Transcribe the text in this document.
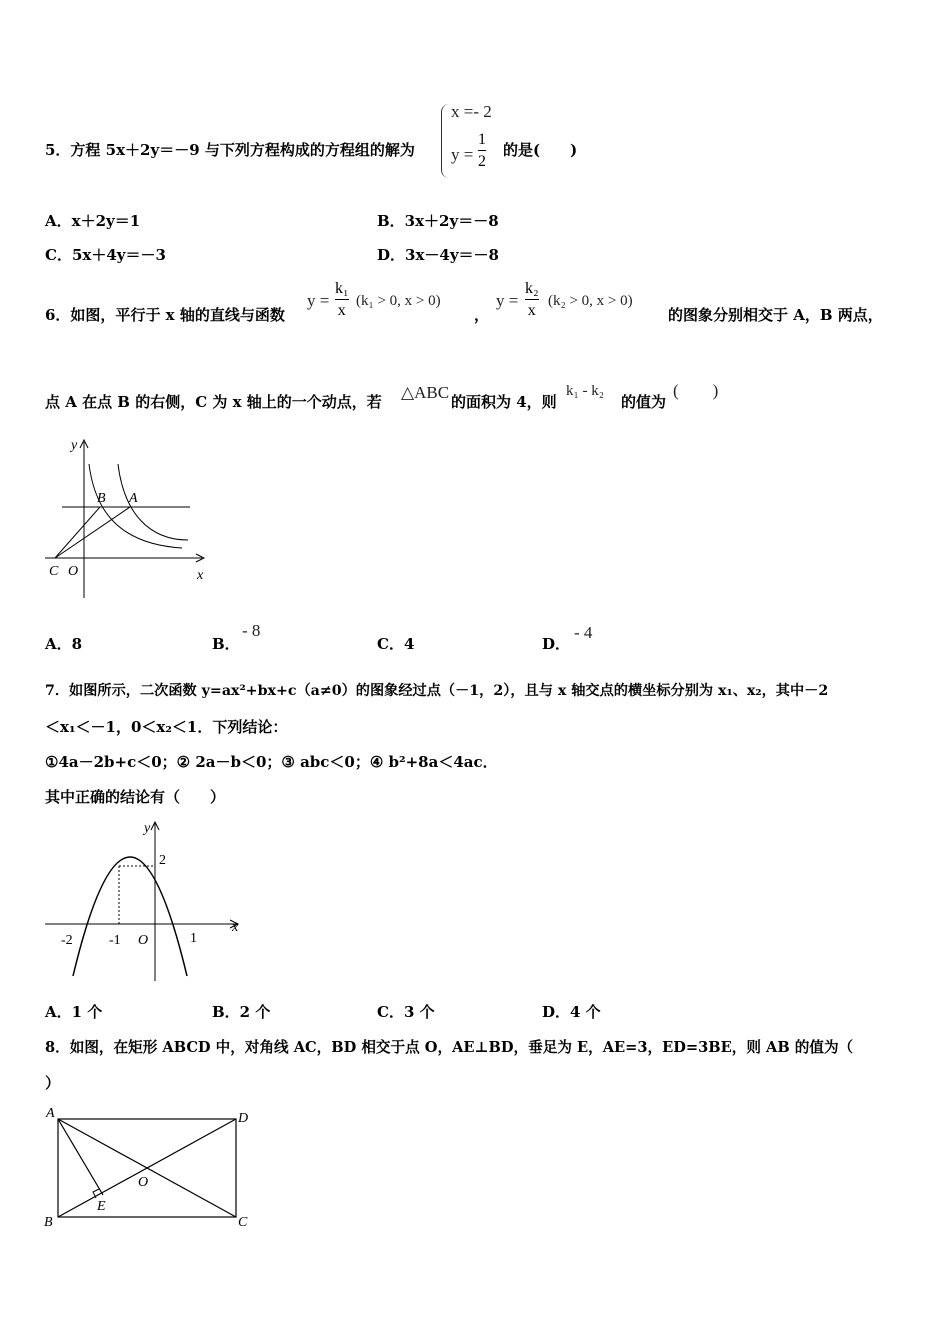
5．方程 5x＋2y＝－9 与下列方程构成的方程组的解为
x =- 2
y =
1
2
的是(　　)
A．x＋2y＝1	B．3x＋2y＝－8
C．5x＋4y＝－3	D．3x－4y＝－8
6．如图，平行于 x 轴的直线与函数
y =
k₁
x
(k₁ > 0, x > 0)
，
y =
k₂
x
(k₂ > 0, x > 0)
的图象分别相交于 A，B 两点，
点 A 在点 B 的右侧，C 为 x 轴上的一个动点，若 △ABC 的面积为 4，则
k₁ - k₂
的值为
(　　)
y
B A
C O	x
A．8	B．
- 8
C．4	D．
- 4
7．如图所示，二次函数 y=ax²+bx+c（a≠0）的图象经过点（－1，2），且与 x 轴交点的横坐标分别为 x₁、x₂，其中－2
＜x₁＜－1，0＜x₂＜1．下列结论：
①4a－2b+c＜0；② 2a－b＜0；③ abc＜0；④ b²+8a＜4ac．
其中正确的结论有（　　）
y
2
-2	-1 O	1
x
A．1 个	B．2 个	C．3 个	D．4 个
8．如图，在矩形 ABCD 中，对角线 AC，BD 相交于点 O，AE⊥BD，垂足为 E，AE=3，ED=3BE，则 AB 的值为（
）
A	D
B	C
E
O
